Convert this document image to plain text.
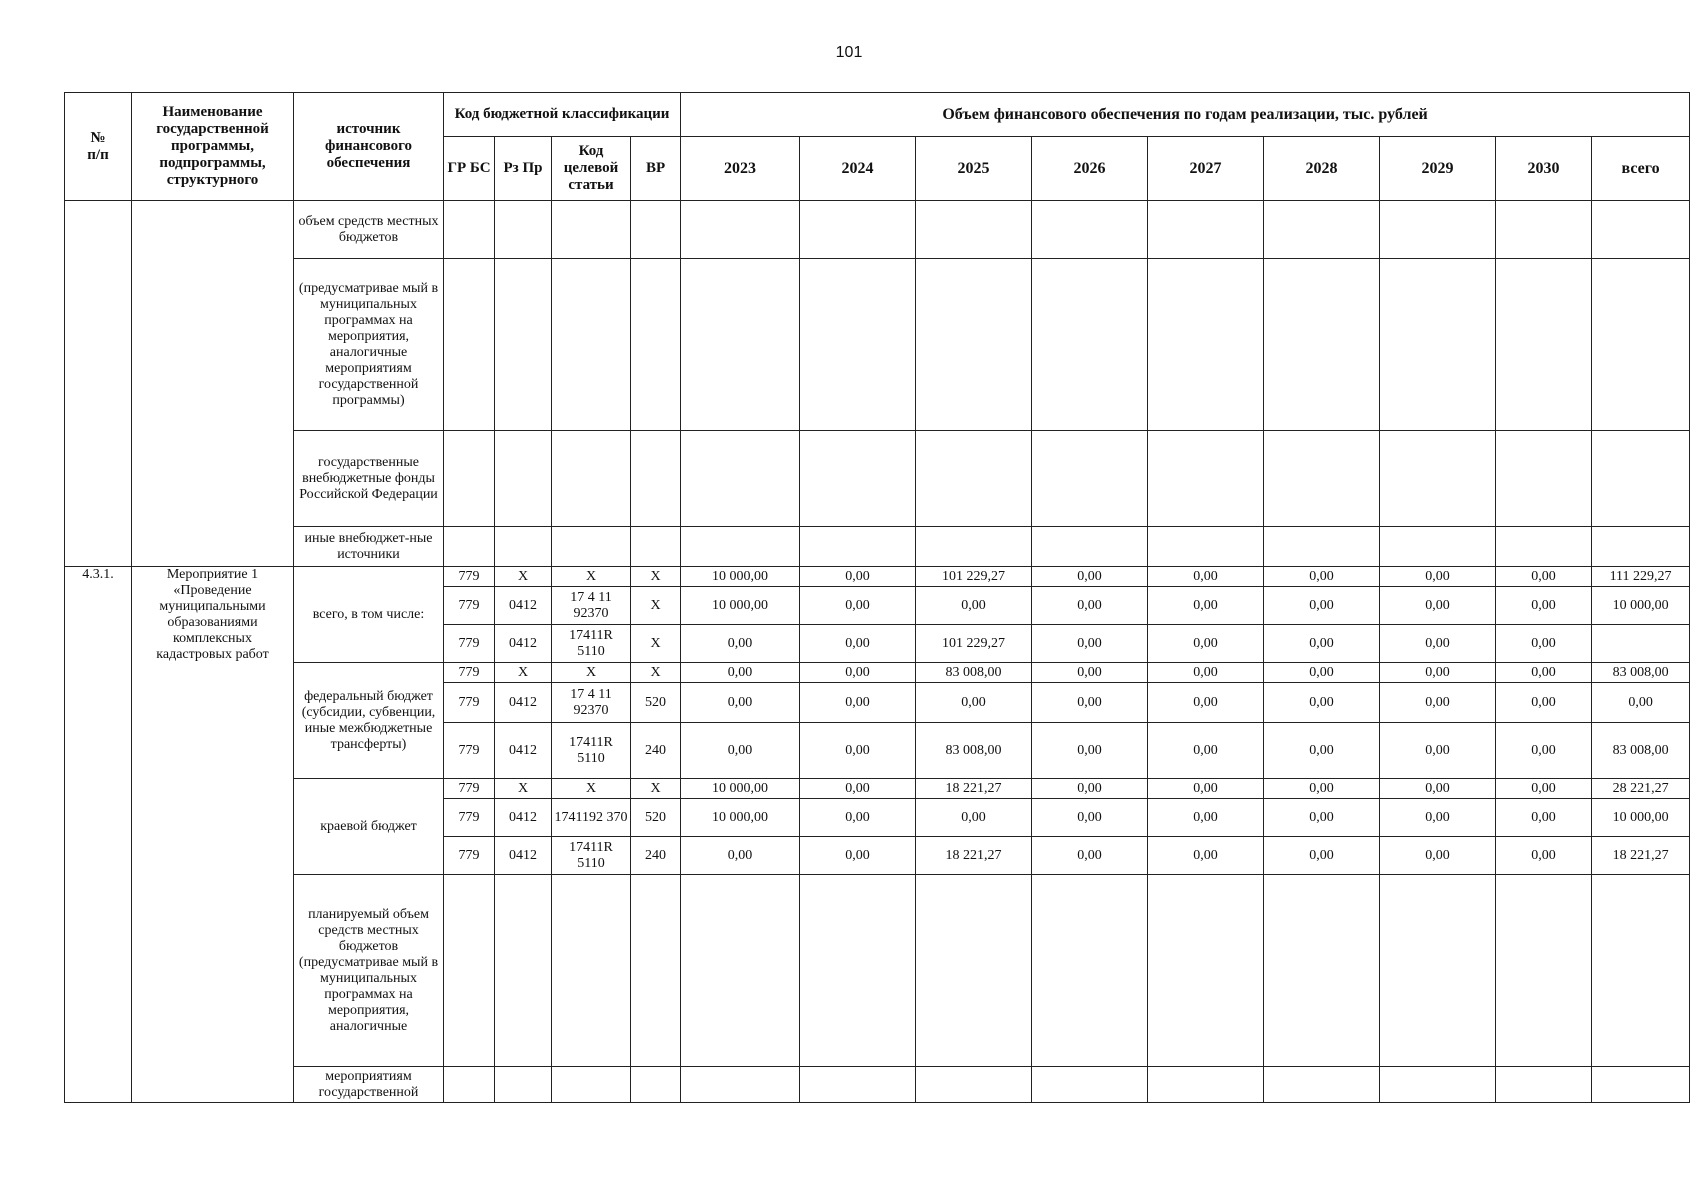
101
№
п/п	Наименование государственной программы, подпрограммы, структурного	источник финансового обеспечения	Код бюджетной классификации				Объем финансового обеспечения по годам реализации, тыс. рублей								
			ГР БС	Рз Пр	Код целевой статьи	ВР	2023	2024	2025	2026	2027	2028	2029	2030	всего
		объем средств местных бюджетов													
		(предусматривае мый в муниципальных программах на мероприятия, аналогичные мероприятиям государственной программы)													
		государственные внебюджетные фонды Российской Федерации													
		иные внебюджет-ные источники													
4.3.1.	Мероприятие 1 «Проведение муниципальными образованиями комплексных кадастровых работ	всего, в том числе:	779	Х	Х	Х	10 000,00	0,00	101 229,27	0,00	0,00	0,00	0,00	0,00	111 229,27
			779	0412	17 4 11 92370	Х	10 000,00	0,00	0,00	0,00	0,00	0,00	0,00	0,00	10 000,00
			779	0412	17411R 5110	Х	0,00	0,00	101 229,27	0,00	0,00	0,00	0,00	0,00	
		федеральный бюджет (субсидии, субвенции, иные межбюджетные трансферты)	779	Х	Х	Х	0,00	0,00	83 008,00	0,00	0,00	0,00	0,00	0,00	83 008,00
			779	0412	17 4 11 92370	520	0,00	0,00	0,00	0,00	0,00	0,00	0,00	0,00	0,00
			779	0412	17411R 5110	240	0,00	0,00	83 008,00	0,00	0,00	0,00	0,00	0,00	83 008,00
		краевой бюджет	779	Х	Х	Х	10 000,00	0,00	18 221,27	0,00	0,00	0,00	0,00	0,00	28 221,27
			779	0412	1741192 370	520	10 000,00	0,00	0,00	0,00	0,00	0,00	0,00	0,00	10 000,00
			779	0412	17411R 5110	240	0,00	0,00	18 221,27	0,00	0,00	0,00	0,00	0,00	18 221,27
		планируемый объем средств местных бюджетов (предусматривае мый в муниципальных программах на мероприятия, аналогичные													
		мероприятиям государственной													
